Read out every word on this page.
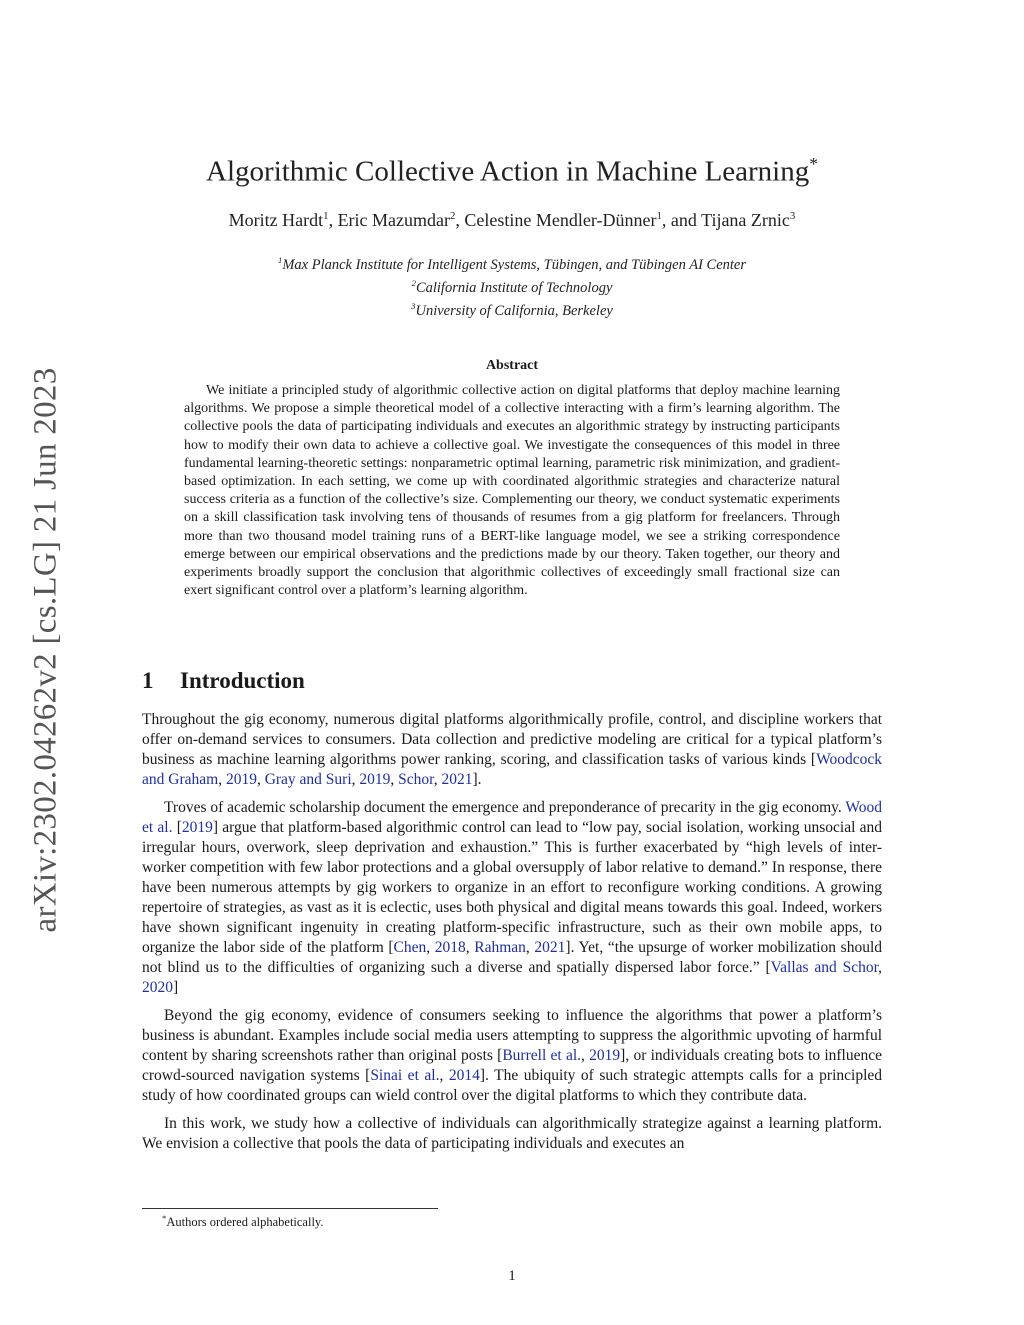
arXiv:2302.04262v2 [cs.LG] 21 Jun 2023
Algorithmic Collective Action in Machine Learning*
Moritz Hardt$^1$, Eric Mazumdar$^2$, Celestine Mendler-Dünner$^1$, and Tijana Zrnic$^3$
$^1$Max Planck Institute for Intelligent Systems, Tübingen, and Tübingen AI Center
$^2$California Institute of Technology
$^3$University of California, Berkeley
Abstract

We initiate a principled study of algorithmic collective action on digital platforms that deploy machine learning algorithms. We propose a simple theoretical model of a collective interacting with a firm’s learning algorithm. The collective pools the data of participating individuals and executes an algorithmic strategy by instructing participants how to modify their own data to achieve a collective goal. We investigate the consequences of this model in three fundamental learning-theoretic settings: nonparametric optimal learning, parametric risk minimization, and gradient-based optimization. In each setting, we come up with coordinated algorithmic strategies and characterize natural success criteria as a function of the collective’s size. Complementing our theory, we conduct systematic experiments on a skill classification task involving tens of thousands of resumes from a gig platform for freelancers. Through more than two thousand model training runs of a BERT-like language model, we see a striking correspondence emerge between our empirical observations and the predictions made by our theory. Taken together, our theory and experiments broadly support the conclusion that algorithmic collectives of exceedingly small fractional size can exert significant control over a platform’s learning algorithm.

1 Introduction

Throughout the gig economy, numerous digital platforms algorithmically profile, control, and discipline workers that offer on-demand services to consumers. Data collection and predictive modeling are critical for a typical platform’s business as machine learning algorithms power ranking, scoring, and classification tasks of various kinds [Woodcock and Graham, 2019, Gray and Suri, 2019, Schor, 2021].

Troves of academic scholarship document the emergence and preponderance of precarity in the gig economy. Wood et al. [2019] argue that platform-based algorithmic control can lead to “low pay, social isolation, working unsocial and irregular hours, overwork, sleep deprivation and exhaustion.” This is further exacerbated by “high levels of inter-worker competition with few labor protections and a global oversupply of labor relative to demand.” In response, there have been numerous attempts by gig workers to organize in an effort to reconfigure working conditions. A growing repertoire of strategies, as vast as it is eclectic, uses both physical and digital means towards this goal. Indeed, workers have shown significant ingenuity in creating platform-specific infrastructure, such as their own mobile apps, to organize the labor side of the platform [Chen, 2018, Rahman, 2021]. Yet, “the upsurge of worker mobilization should not blind us to the difficulties of organizing such a diverse and spatially dispersed labor force.” [Vallas and Schor, 2020]

Beyond the gig economy, evidence of consumers seeking to influence the algorithms that power a platform’s business is abundant. Examples include social media users attempting to suppress the algorithmic upvoting of harmful content by sharing screenshots rather than original posts [Burrell et al., 2019], or individuals creating bots to influence crowd-sourced navigation systems [Sinai et al., 2014]. The ubiquity of such strategic attempts calls for a principled study of how coordinated groups can wield control over the digital platforms to which they contribute data.

In this work, we study how a collective of individuals can algorithmically strategize against a learning platform. We envision a collective that pools the data of participating individuals and executes an

*Authors ordered alphabetically.
1
